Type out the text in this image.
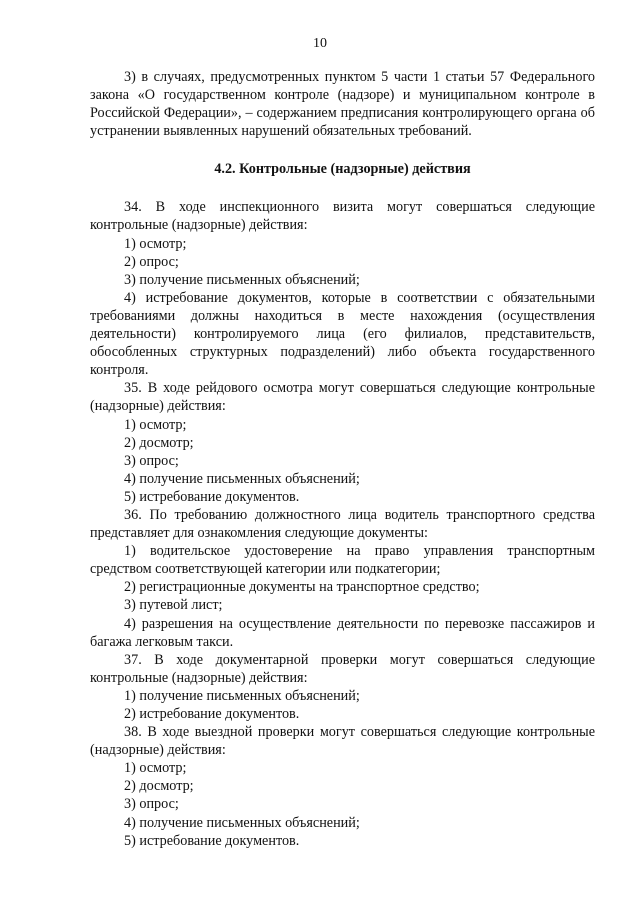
10

3) в случаях, предусмотренных пунктом 5 части 1 статьи 57 Федерального закона «О государственном контроле (надзоре) и муниципальном контроле в Российской Федерации», – содержанием предписания контролирующего органа об устранении выявленных нарушений обязательных требований.

4.2. Контрольные (надзорные) действия

34. В ходе инспекционного визита могут совершаться следующие контрольные (надзорные) действия:

1) осмотр;

2) опрос;

3) получение письменных объяснений;

4) истребование документов, которые в соответствии с обязательными требованиями должны находиться в месте нахождения (осуществления деятельности) контролируемого лица (его филиалов, представительств, обособленных структурных подразделений) либо объекта государственного контроля.

35. В ходе рейдового осмотра могут совершаться следующие контрольные (надзорные) действия:

1) осмотр;

2) досмотр;

3) опрос;

4) получение письменных объяснений;

5) истребование документов.

36. По требованию должностного лица водитель транспортного средства представляет для ознакомления следующие документы:

1) водительское удостоверение на право управления транспортным средством соответствующей категории или подкатегории;

2) регистрационные документы на транспортное средство;

3) путевой лист;

4) разрешения на осуществление деятельности по перевозке пассажиров и багажа легковым такси.

37. В ходе документарной проверки могут совершаться следующие контрольные (надзорные) действия:

1) получение письменных объяснений;

2) истребование документов.

38. В ходе выездной проверки могут совершаться следующие контрольные (надзорные) действия:

1) осмотр;

2) досмотр;

3) опрос;

4) получение письменных объяснений;

5) истребование документов.
